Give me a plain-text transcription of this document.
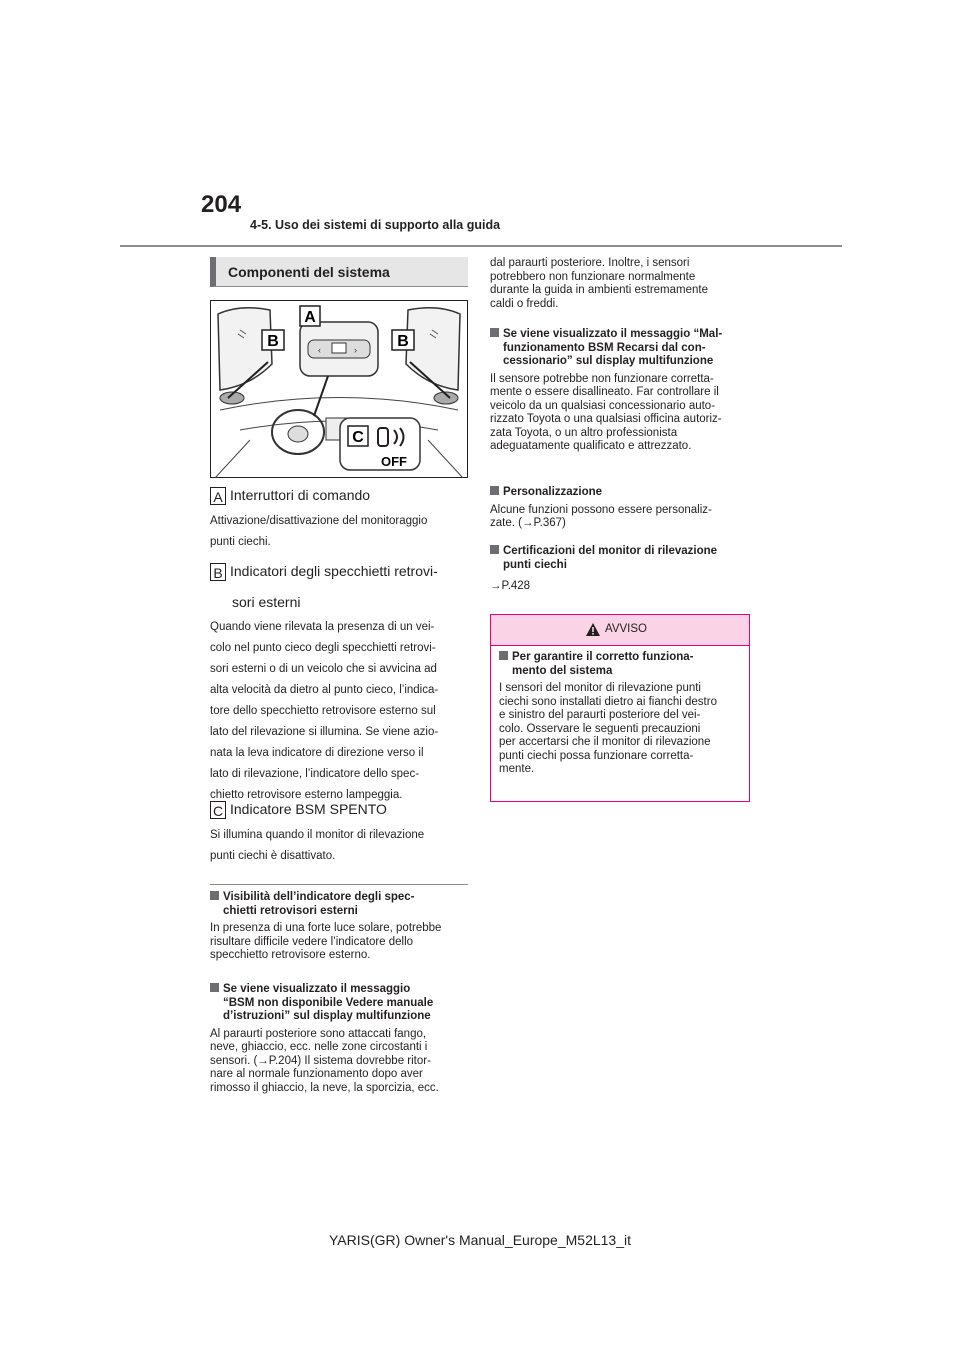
204
4-5. Uso dei sistemi di supporto alla guida
Componenti del sistema
‹	›
A
B	B
C
OFF
A Interruttori di comando
Attivazione/disattivazione del monitoraggio
punti ciechi.
B Indicatori degli specchietti retrovi-
sori esterni
Quando viene rilevata la presenza di un vei-
colo nel punto cieco degli specchietti retrovi-
sori esterni o di un veicolo che si avvicina ad
alta velocità da dietro al punto cieco, l’indica-
tore dello specchietto retrovisore esterno sul
lato del rilevazione si illumina. Se viene azio-
nata la leva indicatore di direzione verso il
lato di rilevazione, l’indicatore dello spec-
chietto retrovisore esterno lampeggia.
C Indicatore BSM SPENTO
Si illumina quando il monitor di rilevazione
punti ciechi è disattivato.
Visibilità dell’indicatore degli spec-
chietti retrovisori esterni
In presenza di una forte luce solare, potrebbe
risultare difficile vedere l’indicatore dello
specchietto retrovisore esterno.
Se viene visualizzato il messaggio
“BSM non disponibile Vedere manuale
d’istruzioni” sul display multifunzione
Al paraurti posteriore sono attaccati fango,
neve, ghiaccio, ecc. nelle zone circostanti i
sensori. (→P.204) Il sistema dovrebbe ritor-
nare al normale funzionamento dopo aver
rimosso il ghiaccio, la neve, la sporcizia, ecc.
dal paraurti posteriore. Inoltre, i sensori
potrebbero non funzionare normalmente
durante la guida in ambienti estremamente
caldi o freddi.
Se viene visualizzato il messaggio “Mal-
funzionamento BSM Recarsi dal con-
cessionario” sul display multifunzione
Il sensore potrebbe non funzionare corretta-
mente o essere disallineato. Far controllare il
veicolo da un qualsiasi concessionario auto-
rizzato Toyota o una qualsiasi officina autoriz-
zata Toyota, o un altro professionista
adeguatamente qualificato e attrezzato.
Personalizzazione
Alcune funzioni possono essere personaliz-
zate. (→P.367)
Certificazioni del monitor di rilevazione
punti ciechi
→P.428
AVVISO
Per garantire il corretto funziona-
mento del sistema
I sensori del monitor di rilevazione punti
ciechi sono installati dietro ai fianchi destro
e sinistro del paraurti posteriore del vei-
colo. Osservare le seguenti precauzioni
per accertarsi che il monitor di rilevazione
punti ciechi possa funzionare corretta-
mente.
YARIS(GR) Owner's Manual_Europe_M52L13_it
